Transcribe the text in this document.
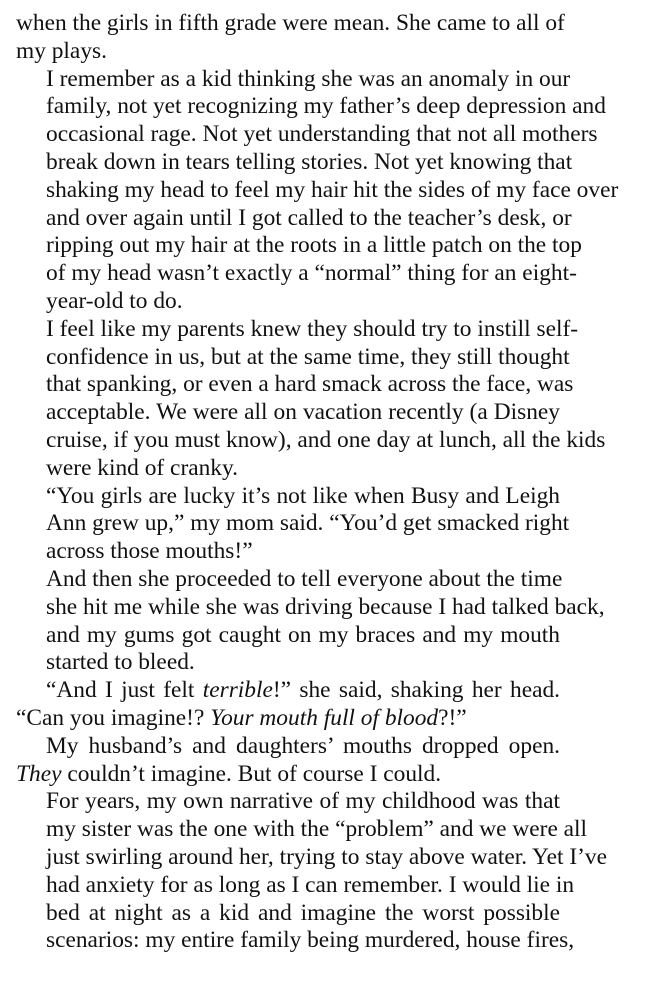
when the girls in fifth grade were mean. She came to all of
my plays.

I remember as a kid thinking she was an anomaly in our
family, not yet recognizing my father’s deep depression and
occasional rage. Not yet understanding that not all mothers
break down in tears telling stories. Not yet knowing that
shaking my head to feel my hair hit the sides of my face over
and over again until I got called to the teacher’s desk, or
ripping out my hair at the roots in a little patch on the top
of my head wasn’t exactly a “normal” thing for an eight-
year-old to do.

I feel like my parents knew they should try to instill self-
confidence in us, but at the same time, they still thought
that spanking, or even a hard smack across the face, was
acceptable. We were all on vacation recently (a Disney
cruise, if you must know), and one day at lunch, all the kids
were kind of cranky.

“You girls are lucky it’s not like when Busy and Leigh
Ann grew up,” my mom said. “You’d get smacked right
across those mouths!”

And then she proceeded to tell everyone about the time
she hit me while she was driving because I had talked back,
and my gums got caught on my braces and my mouth
started to bleed.

“And I just felt terrible!” she said, shaking her head.
“Can you imagine!? Your mouth full of blood?!”

My husband’s and daughters’ mouths dropped open.
They couldn’t imagine. But of course I could.

For years, my own narrative of my childhood was that
my sister was the one with the “problem” and we were all
just swirling around her, trying to stay above water. Yet I’ve
had anxiety for as long as I can remember. I would lie in
bed at night as a kid and imagine the worst possible
scenarios: my entire family being murdered, house fires,
